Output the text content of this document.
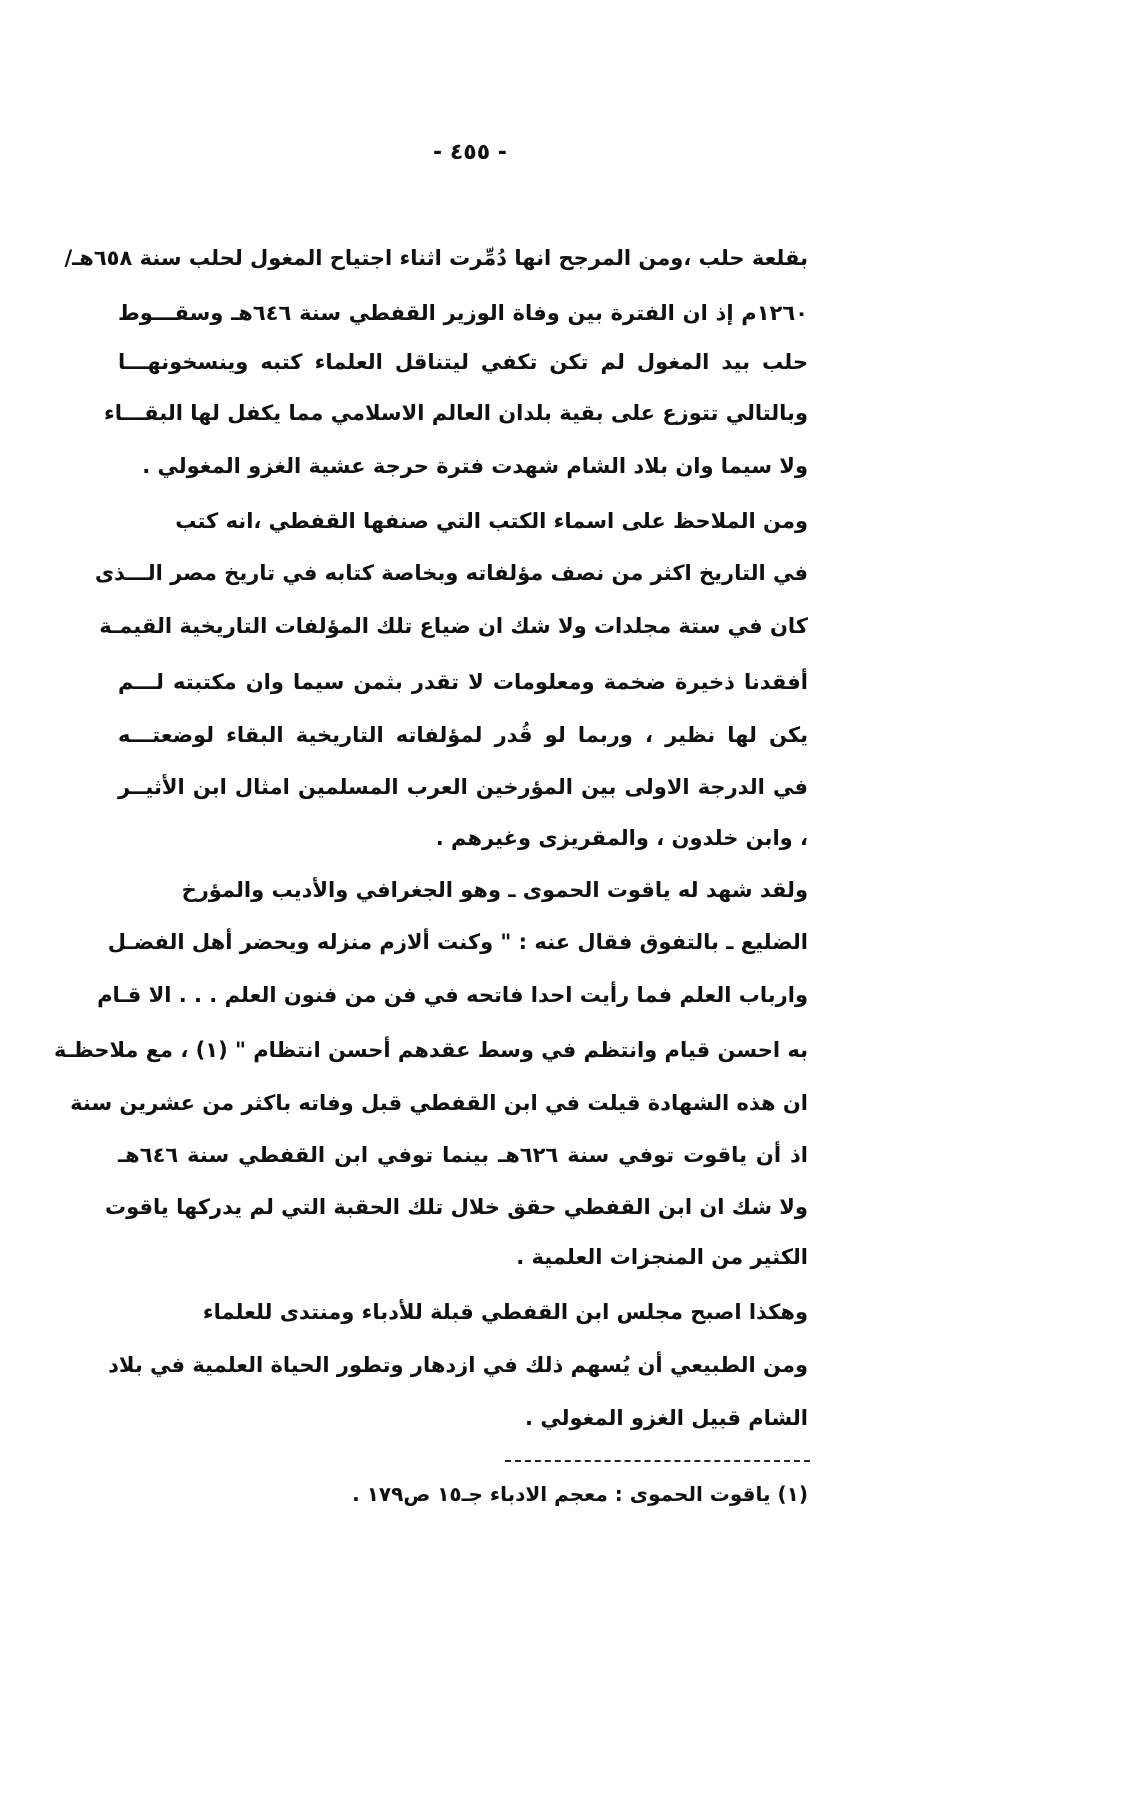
- ٤٥٥ -
بقلعة حلب ،ومن المرجح انها دُمِّرت اثناء اجتياح المغول لحلب سنة ٦٥٨هـ/
١٢٦٠م إذ ان الفترة بين وفاة الوزير القفطي سنة ٦٤٦هـ وسقـــوط
حلب بيد المغول لم تكن تكفي ليتناقل العلماء كتبه وينسخونهـــا
وبالتالي تتوزع على بقية بلدان العالم الاسلامي مما يكفل لها البقـــاء
ولا سيما وان بلاد الشام شهدت فترة حرجة عشية الغزو المغولي .
ومن الملاحظ على اسماء الكتب التي صنفها القفطي ،انه كتب
في التاريخ اكثر من نصف مؤلفاته وبخاصة كتابه في تاريخ مصر الـــذى
كان في ستة مجلدات ولا شك ان ضياع تلك المؤلفات التاريخية القيمـة
أفقدنا ذخيرة ضخمة ومعلومات لا تقدر بثمن سيما وان مكتبته لـــم
يكن لها نظير ، وربما لو قُدر لمؤلفاته التاريخية البقاء لوضعتـــه
في الدرجة الاولى بين المؤرخين العرب المسلمين امثال ابن الأثيــر
، وابن خلدون ، والمقريزى وغيرهم .
ولقد شهد له ياقوت الحموى ـ وهو الجغرافي والأديب والمؤرخ
الضليع ـ بالتفوق فقال عنه : " وكنت ألازم منزله ويحضر أهل الفضـل
وارباب العلم فما رأيت احدا فاتحه في فن من فنون العلم . . . الا قـام
به احسن قيام وانتظم في وسط عقدهم أحسن انتظام " (١) ، مع ملاحظـة
ان هذه الشهادة قيلت في ابن القفطي قبل وفاته باكثر من عشرين سنة
اذ أن ياقوت توفي سنة ٦٢٦هـ بينما توفي ابن القفطي سنة ٦٤٦هـ
ولا شك ان ابن القفطي حقق خلال تلك الحقبة التي لم يدركها ياقوت
الكثير من المنجزات العلمية .
وهكذا اصبح مجلس ابن القفطي قبلة للأدباء ومنتدى للعلماء
ومن الطبيعي أن يُسهم ذلك في ازدهار وتطور الحياة العلمية في بلاد
الشام قبيل الغزو المغولي .
(١) ياقوت الحموى : معجم الادباء جـ١٥ ص١٧٩ .
